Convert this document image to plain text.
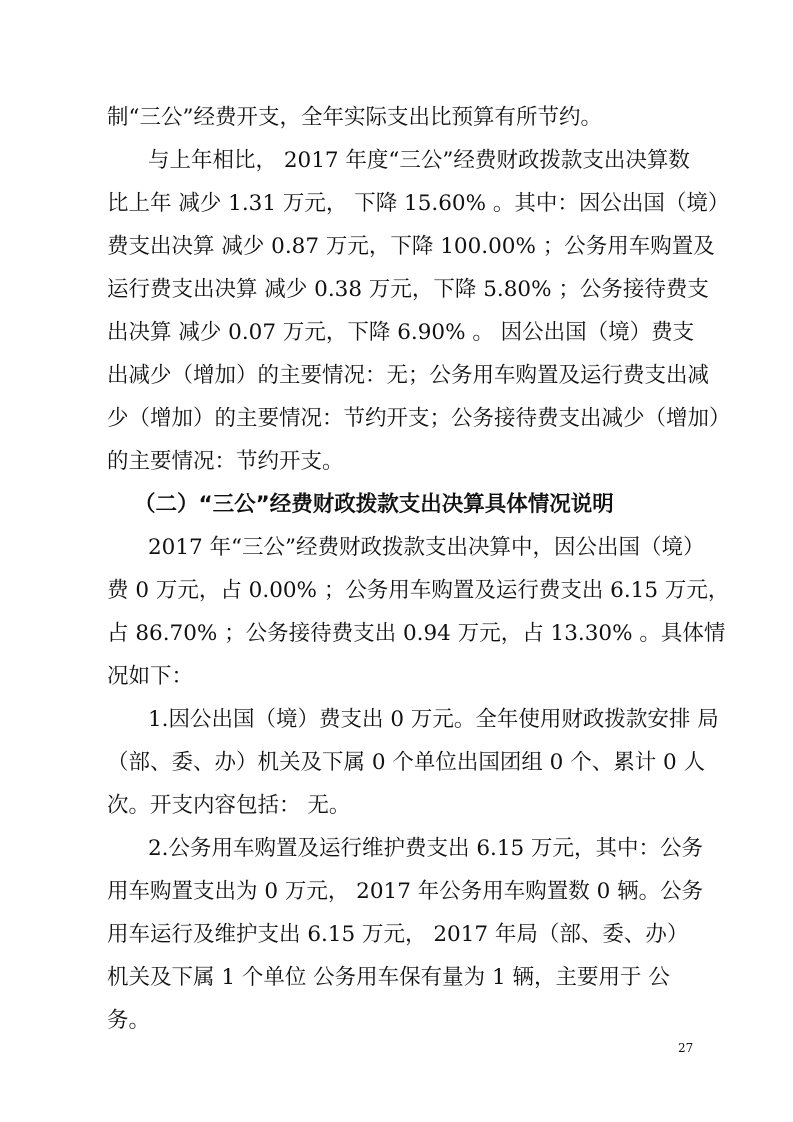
制“三公”经费开支，全年实际支出比预算有所节约。
与上年相比， 2017 年度“三公”经费财政拨款支出决算数
比上年 减少 1.31 万元， 下降 15.60% 。其中：因公出国（境）
费支出决算 减少 0.87 万元，下降 100.00% ；公务用车购置及
运行费支出决算 减少 0.38 万元，下降 5.80% ；公务接待费支
出决算 减少 0.07 万元，下降 6.90% 。 因公出国（境）费支
出减少（增加）的主要情况：无；公务用车购置及运行费支出减
少（增加）的主要情况：节约开支；公务接待费支出减少（增加）
的主要情况：节约开支。
（二）“三公”经费财政拨款支出决算具体情况说明
2017 年“三公”经费财政拨款支出决算中，因公出国（境）
费 0 万元，占 0.00% ；公务用车购置及运行费支出 6.15 万元，
占 86.70% ；公务接待费支出 0.94 万元，占 13.30% 。具体情
况如下：
1.因公出国（境）费支出 0 万元。全年使用财政拨款安排 局
（部、委、办）机关及下属 0 个单位出国团组 0 个、累计 0 人
次。开支内容包括： 无。
2.公务用车购置及运行维护费支出 6.15 万元，其中：公务
用车购置支出为 0 万元， 2017 年公务用车购置数 0 辆。公务
用车运行及维护支出 6.15 万元， 2017 年局（部、委、办）
机关及下属 1 个单位 公务用车保有量为 1 辆，主要用于 公
务。
27
